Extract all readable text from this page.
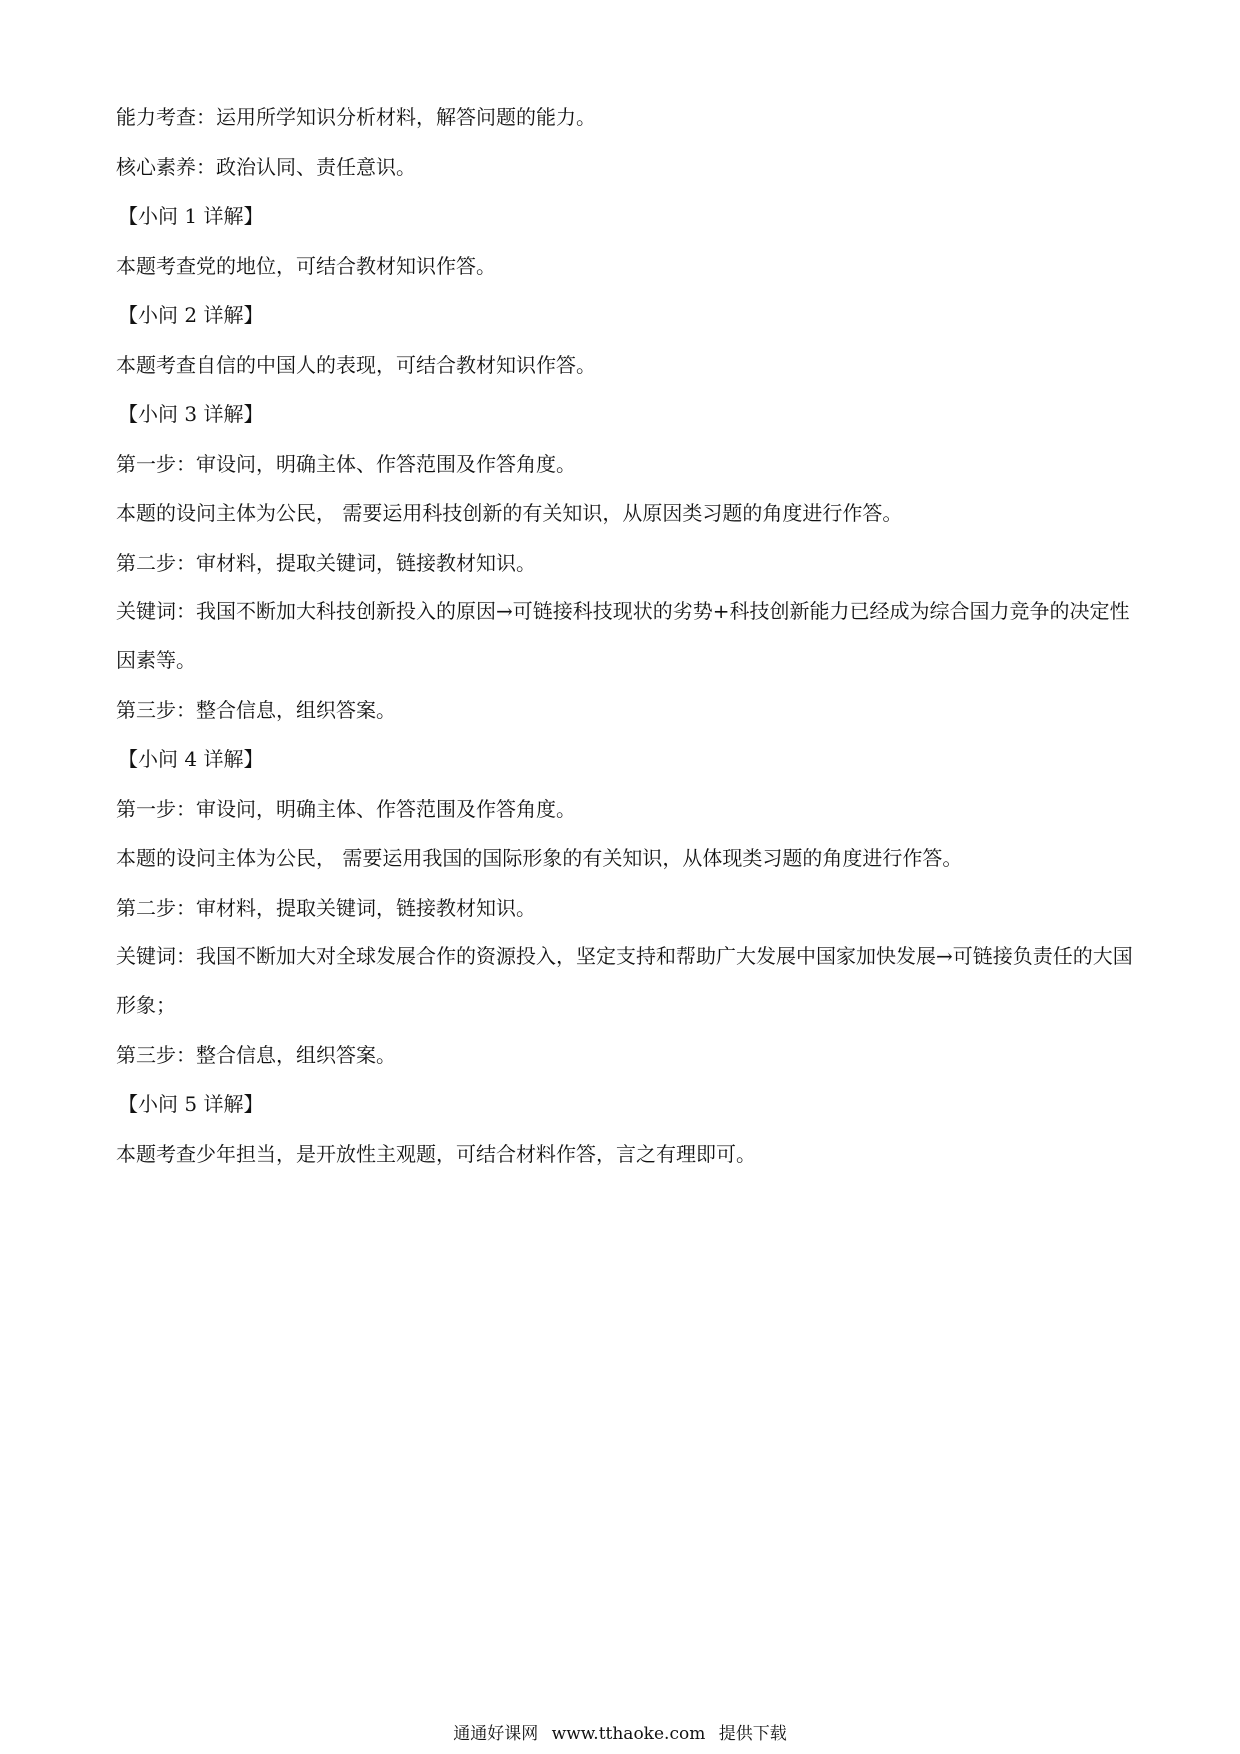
能力考查：运用所学知识分析材料，解答问题的能力。
核心素养：政治认同、责任意识。
【小问 1 详解】
本题考查党的地位，可结合教材知识作答。
【小问 2 详解】
本题考查自信的中国人的表现，可结合教材知识作答。
【小问 3 详解】
第一步：审设问，明确主体、作答范围及作答角度。
本题的设问主体为公民， 需要运用科技创新的有关知识，从原因类习题的角度进行作答。
第二步：审材料，提取关键词，链接教材知识。
关键词：我国不断加大科技创新投入的原因→可链接科技现状的劣势+科技创新能力已经成为综合国力竞争的决定性因素等。
第三步：整合信息，组织答案。
【小问 4 详解】
第一步：审设问，明确主体、作答范围及作答角度。
本题的设问主体为公民， 需要运用我国的国际形象的有关知识，从体现类习题的角度进行作答。
第二步：审材料，提取关键词，链接教材知识。
关键词：我国不断加大对全球发展合作的资源投入，坚定支持和帮助广大发展中国家加快发展→可链接负责任的大国形象；
第三步：整合信息，组织答案。
【小问 5 详解】
本题考查少年担当，是开放性主观题，可结合材料作答，言之有理即可。
通通好课网 www.tthaoke.com 提供下载
